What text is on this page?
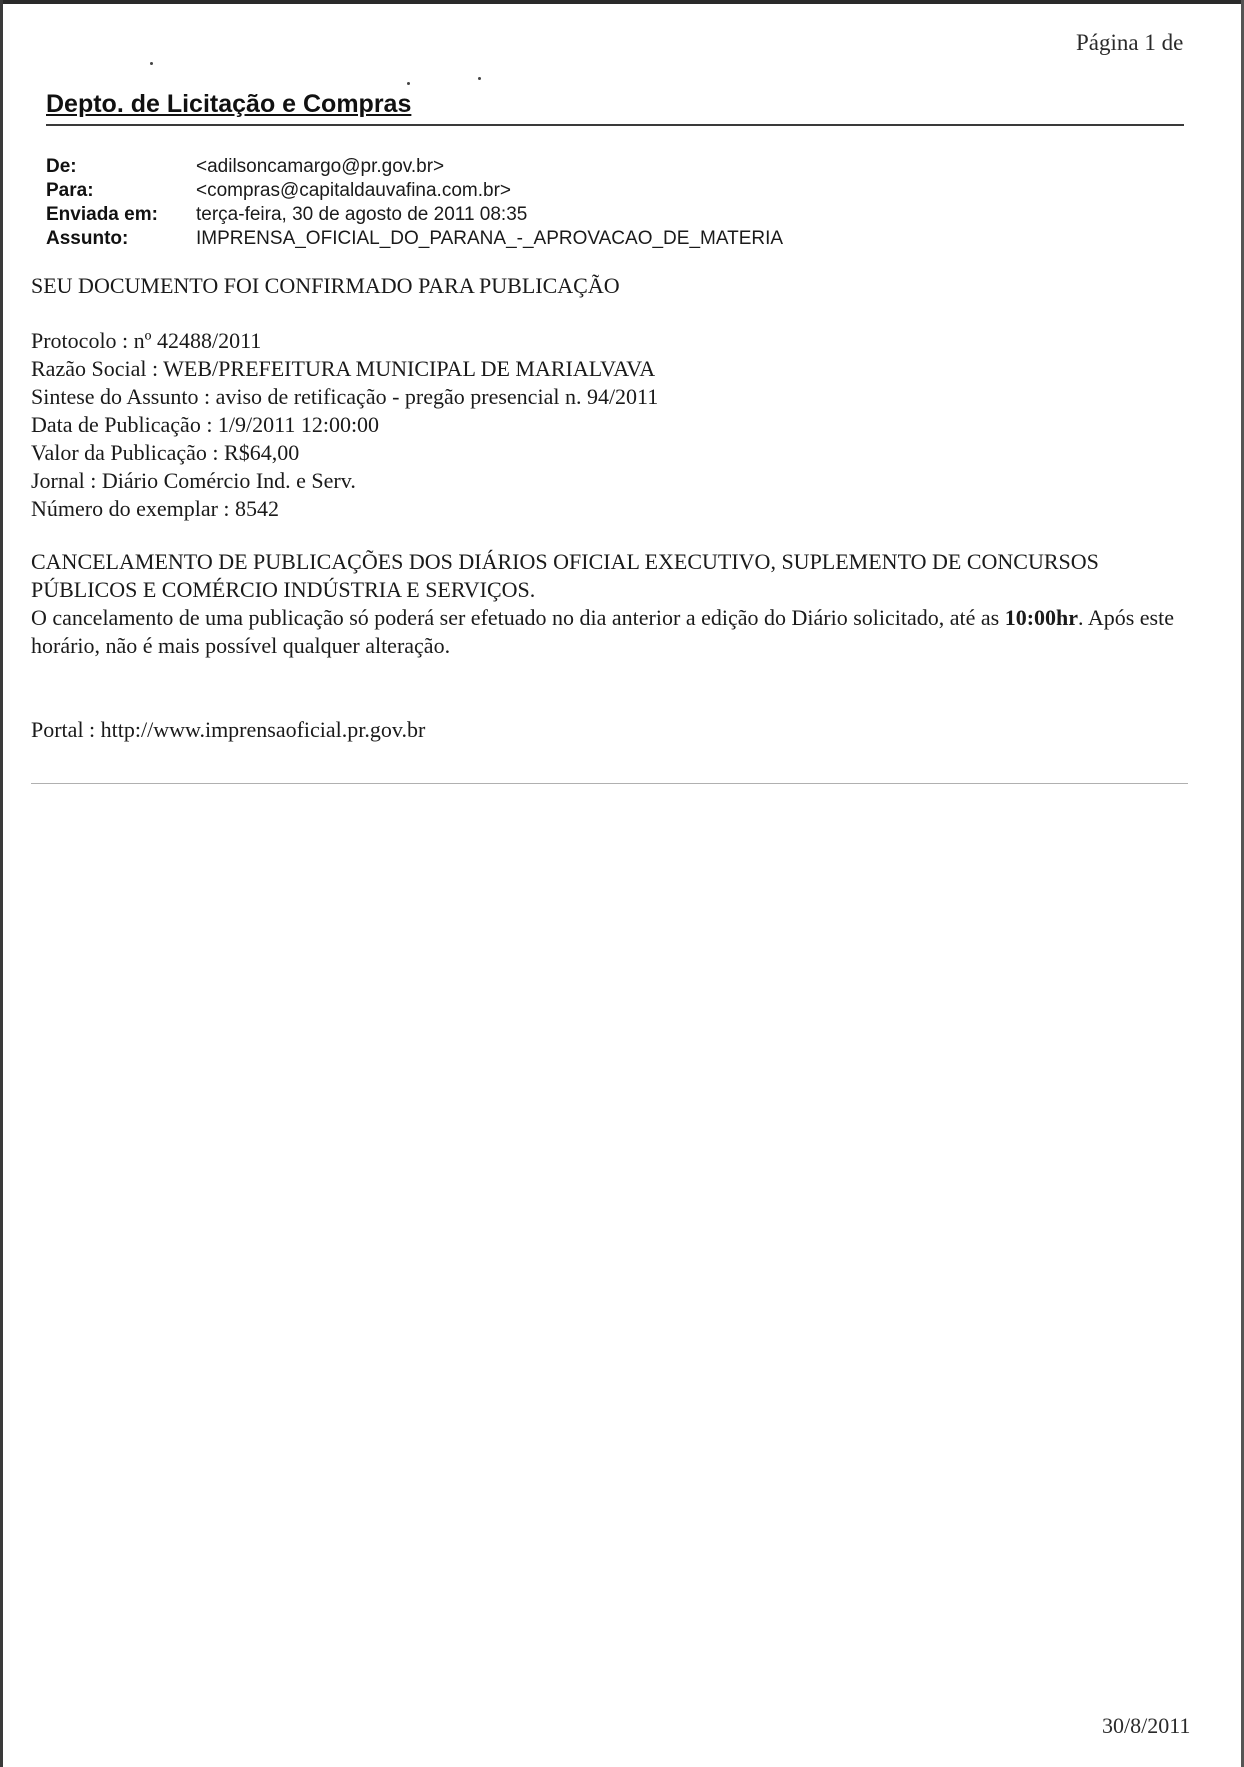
Página 1 de
Depto. de Licitação e Compras
De:	<adilsoncamargo@pr.gov.br>
Para:	<compras@capitaldauvafina.com.br>
Enviada em:	terça-feira, 30 de agosto de 2011 08:35
Assunto:	IMPRENSA_OFICIAL_DO_PARANA_-_APROVACAO_DE_MATERIA
SEU DOCUMENTO FOI CONFIRMADO PARA PUBLICAÇÃO
Protocolo : nº 42488/2011
Razão Social : WEB/PREFEITURA MUNICIPAL DE MARIALVAVA
Sintese do Assunto : aviso de retificação - pregão presencial n. 94/2011
Data de Publicação : 1/9/2011 12:00:00
Valor da Publicação : R$64,00
Jornal : Diário Comércio Ind. e Serv.
Número do exemplar : 8542
CANCELAMENTO DE PUBLICAÇÕES DOS DIÁRIOS OFICIAL EXECUTIVO, SUPLEMENTO DE CONCURSOS PÚBLICOS E COMÉRCIO INDÚSTRIA E SERVIÇOS.
O cancelamento de uma publicação só poderá ser efetuado no dia anterior a edição do Diário solicitado, até as 10:00hr. Após este horário, não é mais possível qualquer alteração.
Portal : http://www.imprensaoficial.pr.gov.br
30/8/2011
